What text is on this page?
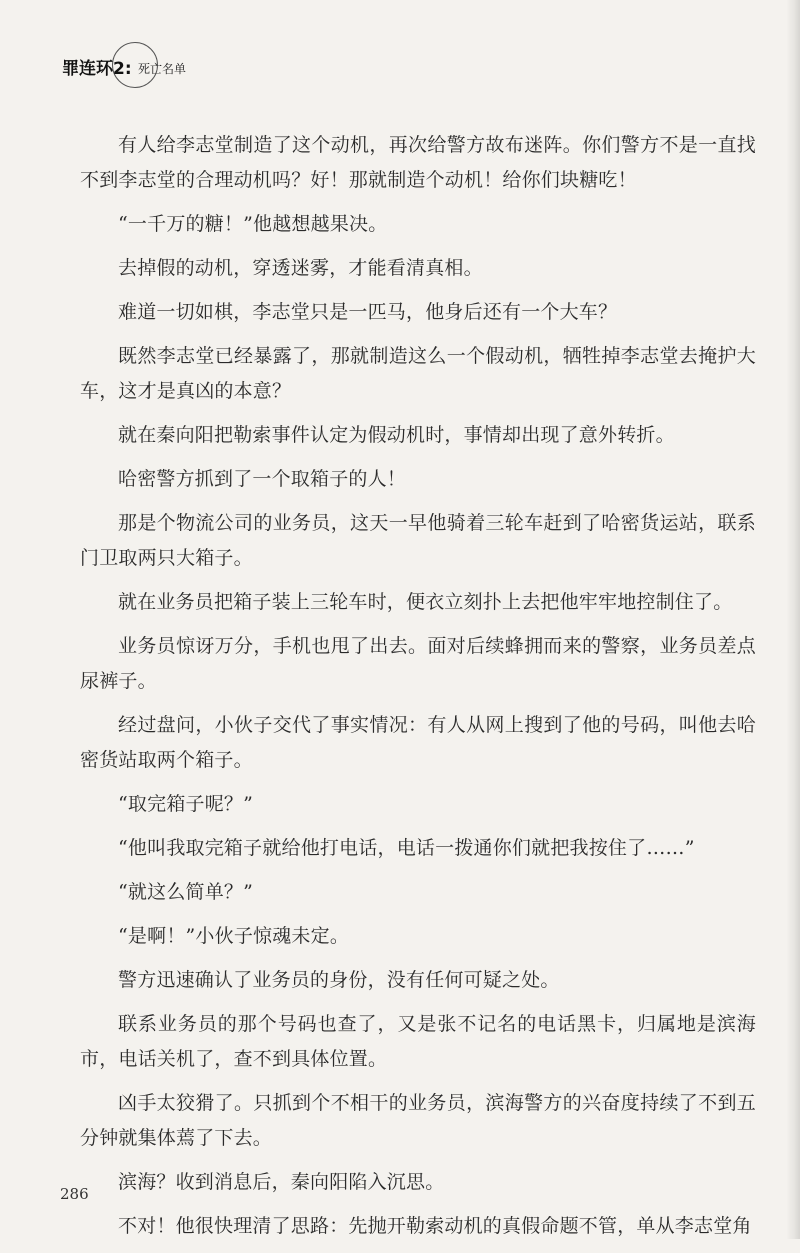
罪连环2: 死亡名单

有人给李志堂制造了这个动机，再次给警方故布迷阵。你们警方不是一直找不到李志堂的合理动机吗？好！那就制造个动机！给你们块糖吃！

“一千万的糖！”他越想越果决。

去掉假的动机，穿透迷雾，才能看清真相。

难道一切如棋，李志堂只是一匹马，他身后还有一个大车？

既然李志堂已经暴露了，那就制造这么一个假动机，牺牲掉李志堂去掩护大车，这才是真凶的本意？

就在秦向阳把勒索事件认定为假动机时，事情却出现了意外转折。

哈密警方抓到了一个取箱子的人！

那是个物流公司的业务员，这天一早他骑着三轮车赶到了哈密货运站，联系门卫取两只大箱子。

就在业务员把箱子装上三轮车时，便衣立刻扑上去把他牢牢地控制住了。

业务员惊讶万分，手机也甩了出去。面对后续蜂拥而来的警察，业务员差点尿裤子。

经过盘问，小伙子交代了事实情况：有人从网上搜到了他的号码，叫他去哈密货站取两个箱子。

“取完箱子呢？”

“他叫我取完箱子就给他打电话，电话一拨通你们就把我按住了……”

“就这么简单？”

“是啊！”小伙子惊魂未定。

警方迅速确认了业务员的身份，没有任何可疑之处。

联系业务员的那个号码也查了，又是张不记名的电话黑卡，归属地是滨海市，电话关机了，查不到具体位置。

凶手太狡猾了。只抓到个不相干的业务员，滨海警方的兴奋度持续了不到五分钟就集体蔫了下去。

滨海？收到消息后，秦向阳陷入沉思。

不对！他很快理清了思路：先抛开勒索动机的真假命题不管，单从李志堂角

286
